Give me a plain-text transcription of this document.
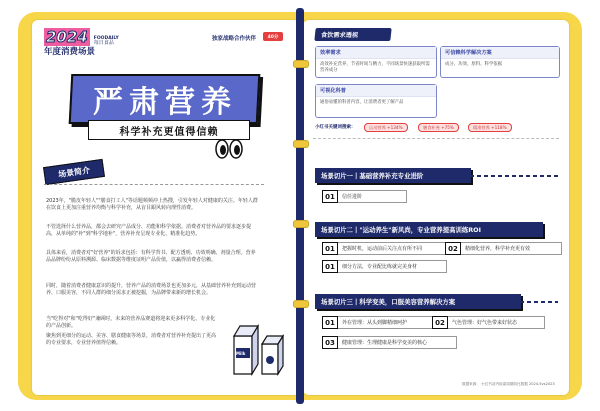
2024	FOODAILY
每日食品
年度消费场景
独家战略合作伙伴	40分
严肃营养
科学补充更值得信赖
场景简介
2023年，"脆皮年轻人""膳食打工人"等话题频频冲上热搜，引发年轻人对健康的关注。年轻人群在饮食上更加注重营养均衡与科学补充，从盲目跟风转向理性消费。
不管选择什么营养品，都会去研究产品成分、功能和科学依据。消费者对营养品的要求逐步提高，从单纯的"补"到"科学地补"，营养补充呈现专业化、精准化趋势。
具体来看，消费者对"好营养"的诉求包括：有科学背书、配方透明、功效明确、剂量合理。营养品品牌纷纷从原料溯源、临床数据等维度证明产品价值，以赢得消费者信赖。
同时，随着消费者健康意识的提升，营养产品的消费场景也更加多元，从基础营养补充到运动营养、口服美容，不同人群的细分需求正被挖掘，为品牌带来新的增长机会。
当"吃得对"和"吃得好"兼顾时，未来的营养品赛道将迎来更多科学化、专业化的产品创新。
聚焦到更细分的运动、美容、膳食健康等场景，消费者对营养补充提出了更高的专业要求，专业营养值得信赖。
Milk
食饮需求透视
效率需求
高效补充营养，节省时间与精力，不同场景快速获取所需营养成分
可信赖科学解决方案
成分、功效、原料、科学依据
可视化科普
通俗易懂的科普内容，让消费者更了解产品
小红书关键词搜索：	运动营养 +134%	膳食补充 +75%	精准营养 +118%
场景切片一丨基础营养补充专业进阶
01	信任进阶
场景切片二丨"运动养生"新风尚，专业营养提高训练ROI
01	把握时机，运动前后关注点有所不同	02	精细化营养，科学补充更有效
01	细分方法，专业配比练就完美身材
场景切片三丨科学变美，口服美容营养解决方案
01	外在管理：从头到脚精细呵护	02	气色管理：好气色带来好状态
03	健康管理：生理健康是科学变美的核心
数据来源： 小红书站内检索周期同比数据 2024.5vs2023
